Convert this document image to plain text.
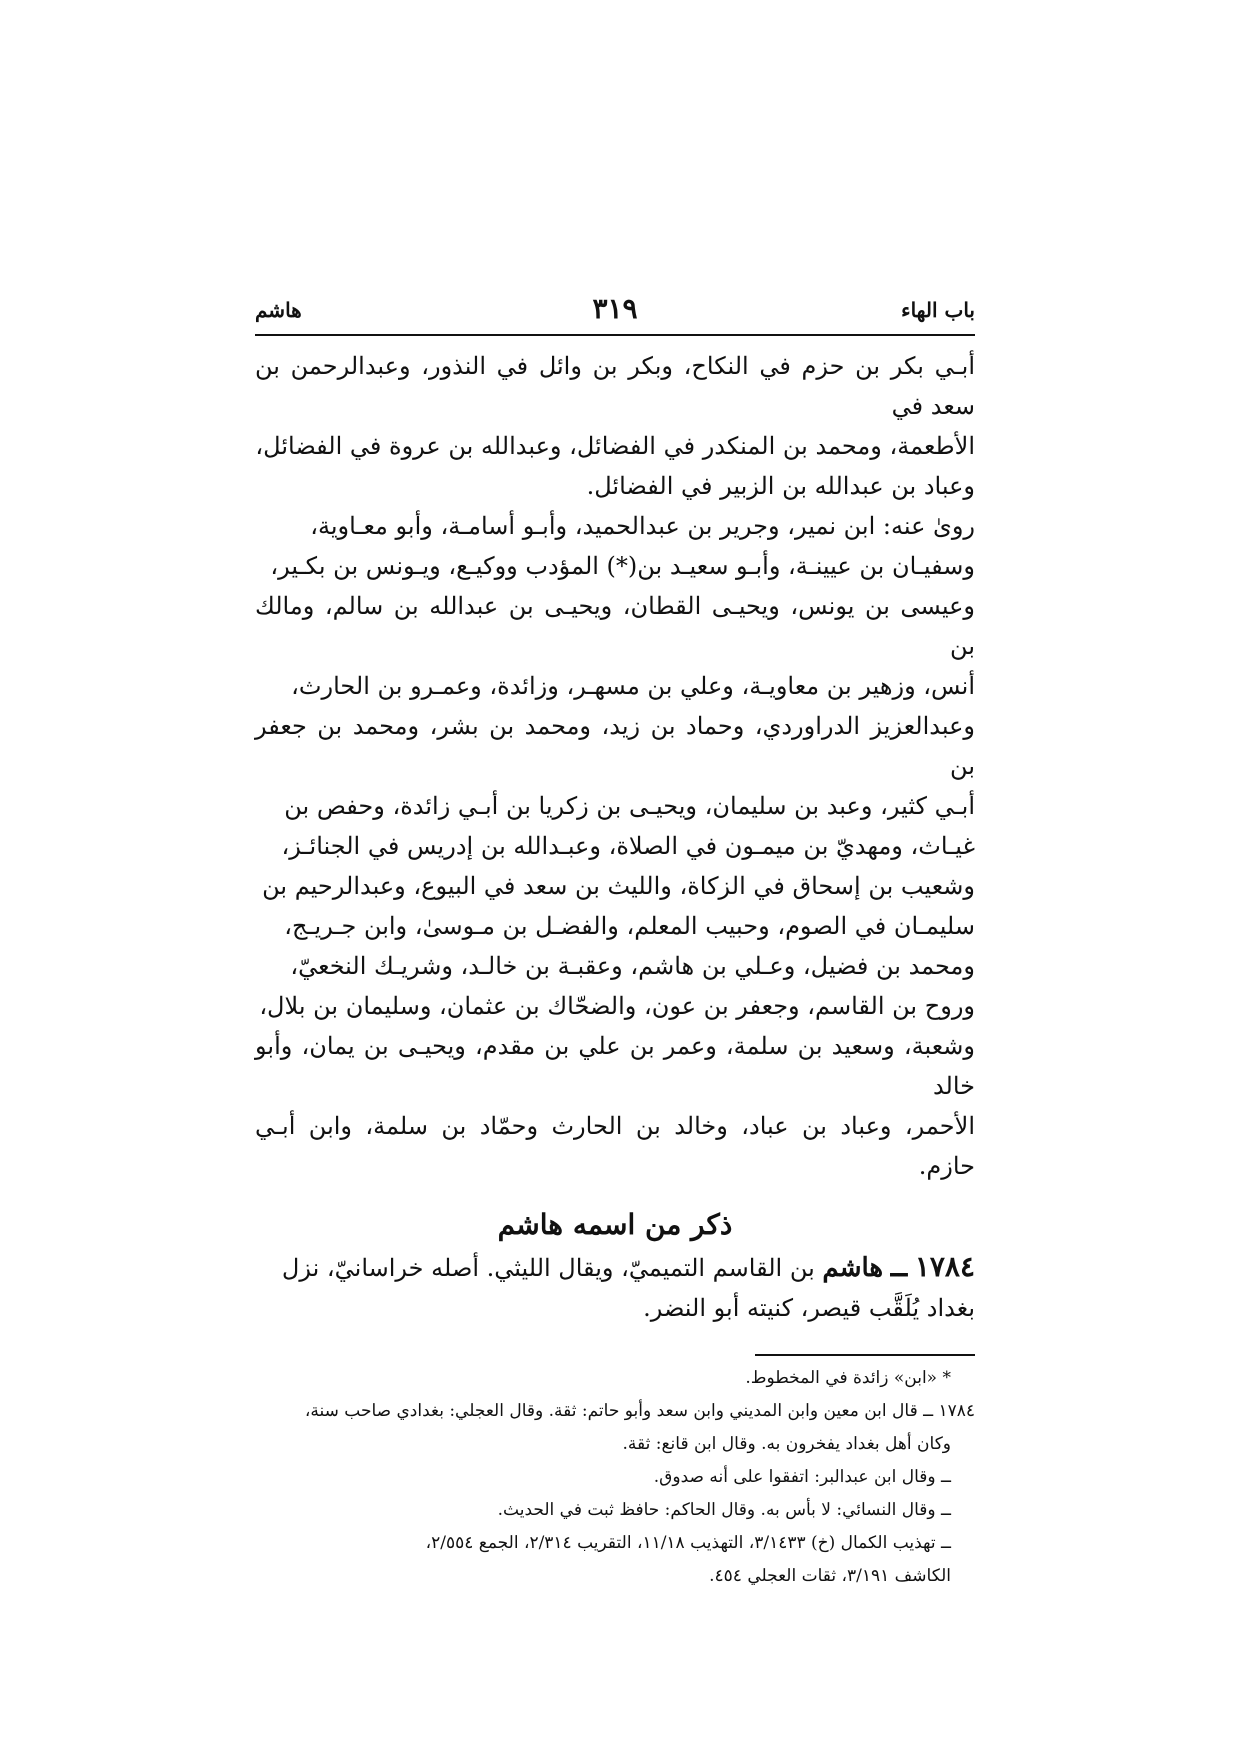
باب الهاء
٣١٩
هاشم

أبـي بكر بن حزم في النكاح، وبكر بن وائل في النذور، وعبدالرحمن بن سعد في

الأطعمة، ومحمد بن المنكدر في الفضائل، وعبدالله بن عروة في الفضائل،

وعباد بن عبدالله بن الزبير في الفضائل.

روىٰ عنه: ابن نمير، وجرير بن عبدالحميد، وأبـو أسامـة، وأبو معـاوية،

وسفيـان بن عيينـة، وأبـو سعيـد بن(*) المؤدب ووكيـع، ويـونس بن بكـير،

وعيسى بن يونس، ويحيـى القطان، ويحيـى بن عبدالله بن سالم، ومالك بن

أنس، وزهير بن معاويـة، وعلي بن مسهـر، وزائدة، وعمـرو بن الحارث،

وعبدالعزيز الدراوردي، وحماد بن زيد، ومحمد بن بشر، ومحمد بن جعفر بن

أبـي كثير، وعبد بن سليمان، ويحيـى بن زكريا بن أبـي زائدة، وحفص بن

غيـاث، ومهديّ بن ميمـون في الصلاة، وعبـدالله بن إدريس في الجنائـز،

وشعيب بن إسحاق في الزكاة، والليث بن سعد في البيوع، وعبدالرحيم بن

سليمـان في الصوم، وحبيب المعلم، والفضـل بن مـوسىٰ، وابن جـريـج،

ومحمد بن فضيل، وعـلي بن هاشم، وعقبـة بن خالـد، وشريـك النخعيّ،

وروح بن القاسم، وجعفر بن عون، والضحّاك بن عثمان، وسليمان بن بلال،

وشعبة، وسعيد بن سلمة، وعمر بن علي بن مقدم، ويحيـى بن يمان، وأبو خالد

الأحمر، وعباد بن عباد، وخالد بن الحارث وحمّاد بن سلمة، وابن أبـي حازم.

ذكر من اسمه هاشم
١٧٨٤ ــ هاشم بن القاسم التميميّ، ويقال الليثي. أصله خراسانيّ، نزل
بغداد يُلَقَّب قيصر، كنيته أبو النضر.

* «ابن» زائدة في المخطوط.

١٧٨٤ ــ قال ابن معين وابن المديني وابن سعد وأبو حاتم: ثقة. وقال العجلي: بغدادي صاحب سنة،

وكان أهل بغداد يفخرون به. وقال ابن قانع: ثقة.

ــ وقال ابن عبدالبر: اتفقوا على أنه صدوق.

ــ وقال النسائي: لا بأس به. وقال الحاكم: حافظ ثبت في الحديث.

ــ تهذيب الكمال (خ) ٣/١٤٣٣، التهذيب ١١/١٨، التقريب ٢/٣١٤، الجمع ٢/٥٥٤،

الكاشف ٣/١٩١، ثقات العجلي ٤٥٤.
